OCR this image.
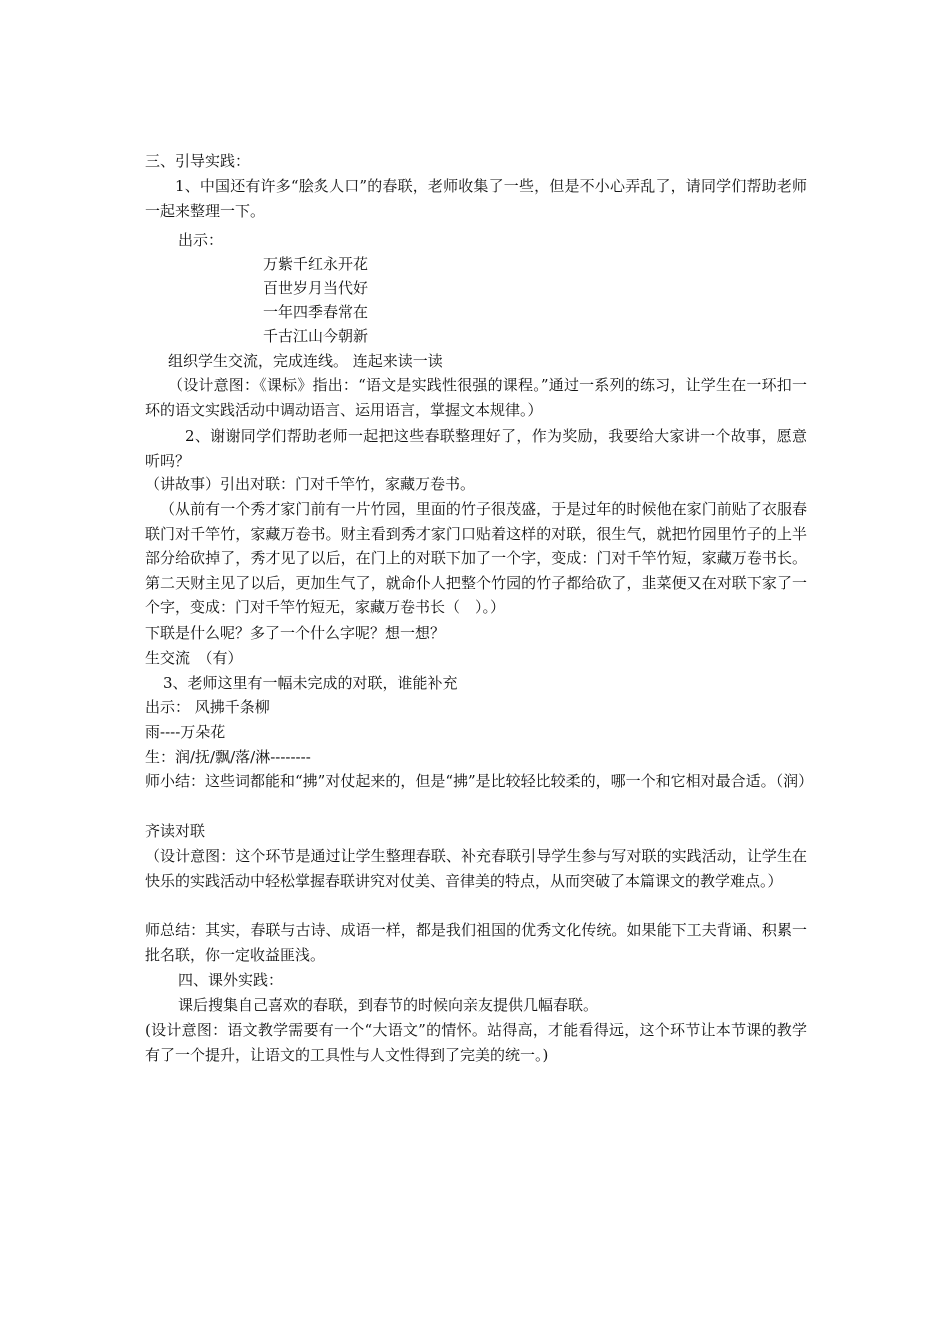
三、引导实践：
1、中国还有许多“脍炙人口”的春联，老师收集了一些，但是不小心弄乱了，请同学们帮助老师一起来整理一下。
出示：
万紫千红永开花
百世岁月当代好
一年四季春常在
千古江山今朝新
组织学生交流，完成连线。 连起来读一读
（设计意图：《课标》指出：“语文是实践性很强的课程。”通过一系列的练习，让学生在一环扣一环的语文实践活动中调动语言、运用语言，掌握文本规律。）
2、谢谢同学们帮助老师一起把这些春联整理好了，作为奖励，我要给大家讲一个故事，愿意听吗？
（讲故事）引出对联：门对千竿竹，家藏万卷书。
（从前有一个秀才家门前有一片竹园，里面的竹子很茂盛，于是过年的时候他在家门前贴了衣服春联门对千竿竹，家藏万卷书。财主看到秀才家门口贴着这样的对联，很生气，就把竹园里竹子的上半部分给砍掉了，秀才见了以后，在门上的对联下加了一个字，变成：门对千竿竹短，家藏万卷书长。第二天财主见了以后，更加生气了，就命仆人把整个竹园的竹子都给砍了，韭菜便又在对联下家了一个字，变成：门对千竿竹短无，家藏万卷书长（　）。）
下联是什么呢？多了一个什么字呢？想一想？
生交流　（有）
3、老师这里有一幅未完成的对联，谁能补充
出示： 风拂千条柳
雨----万朵花
生：润/抚/飘/落/淋--------
师小结：这些词都能和“拂”对仗起来的，但是“拂”是比较轻比较柔的，哪一个和它相对最合适。（润）
齐读对联
（设计意图：这个环节是通过让学生整理春联、补充春联引导学生参与写对联的实践活动，让学生在快乐的实践活动中轻松掌握春联讲究对仗美、音律美的特点，从而突破了本篇课文的教学难点。）
师总结：其实，春联与古诗、成语一样，都是我们祖国的优秀文化传统。如果能下工夫背诵、积累一批名联，你一定收益匪浅。
四、课外实践：
课后搜集自己喜欢的春联，到春节的时候向亲友提供几幅春联。
(设计意图：语文教学需要有一个“大语文”的情怀。站得高，才能看得远，这个环节让本节课的教学有了一个提升，让语文的工具性与人文性得到了完美的统一。)
